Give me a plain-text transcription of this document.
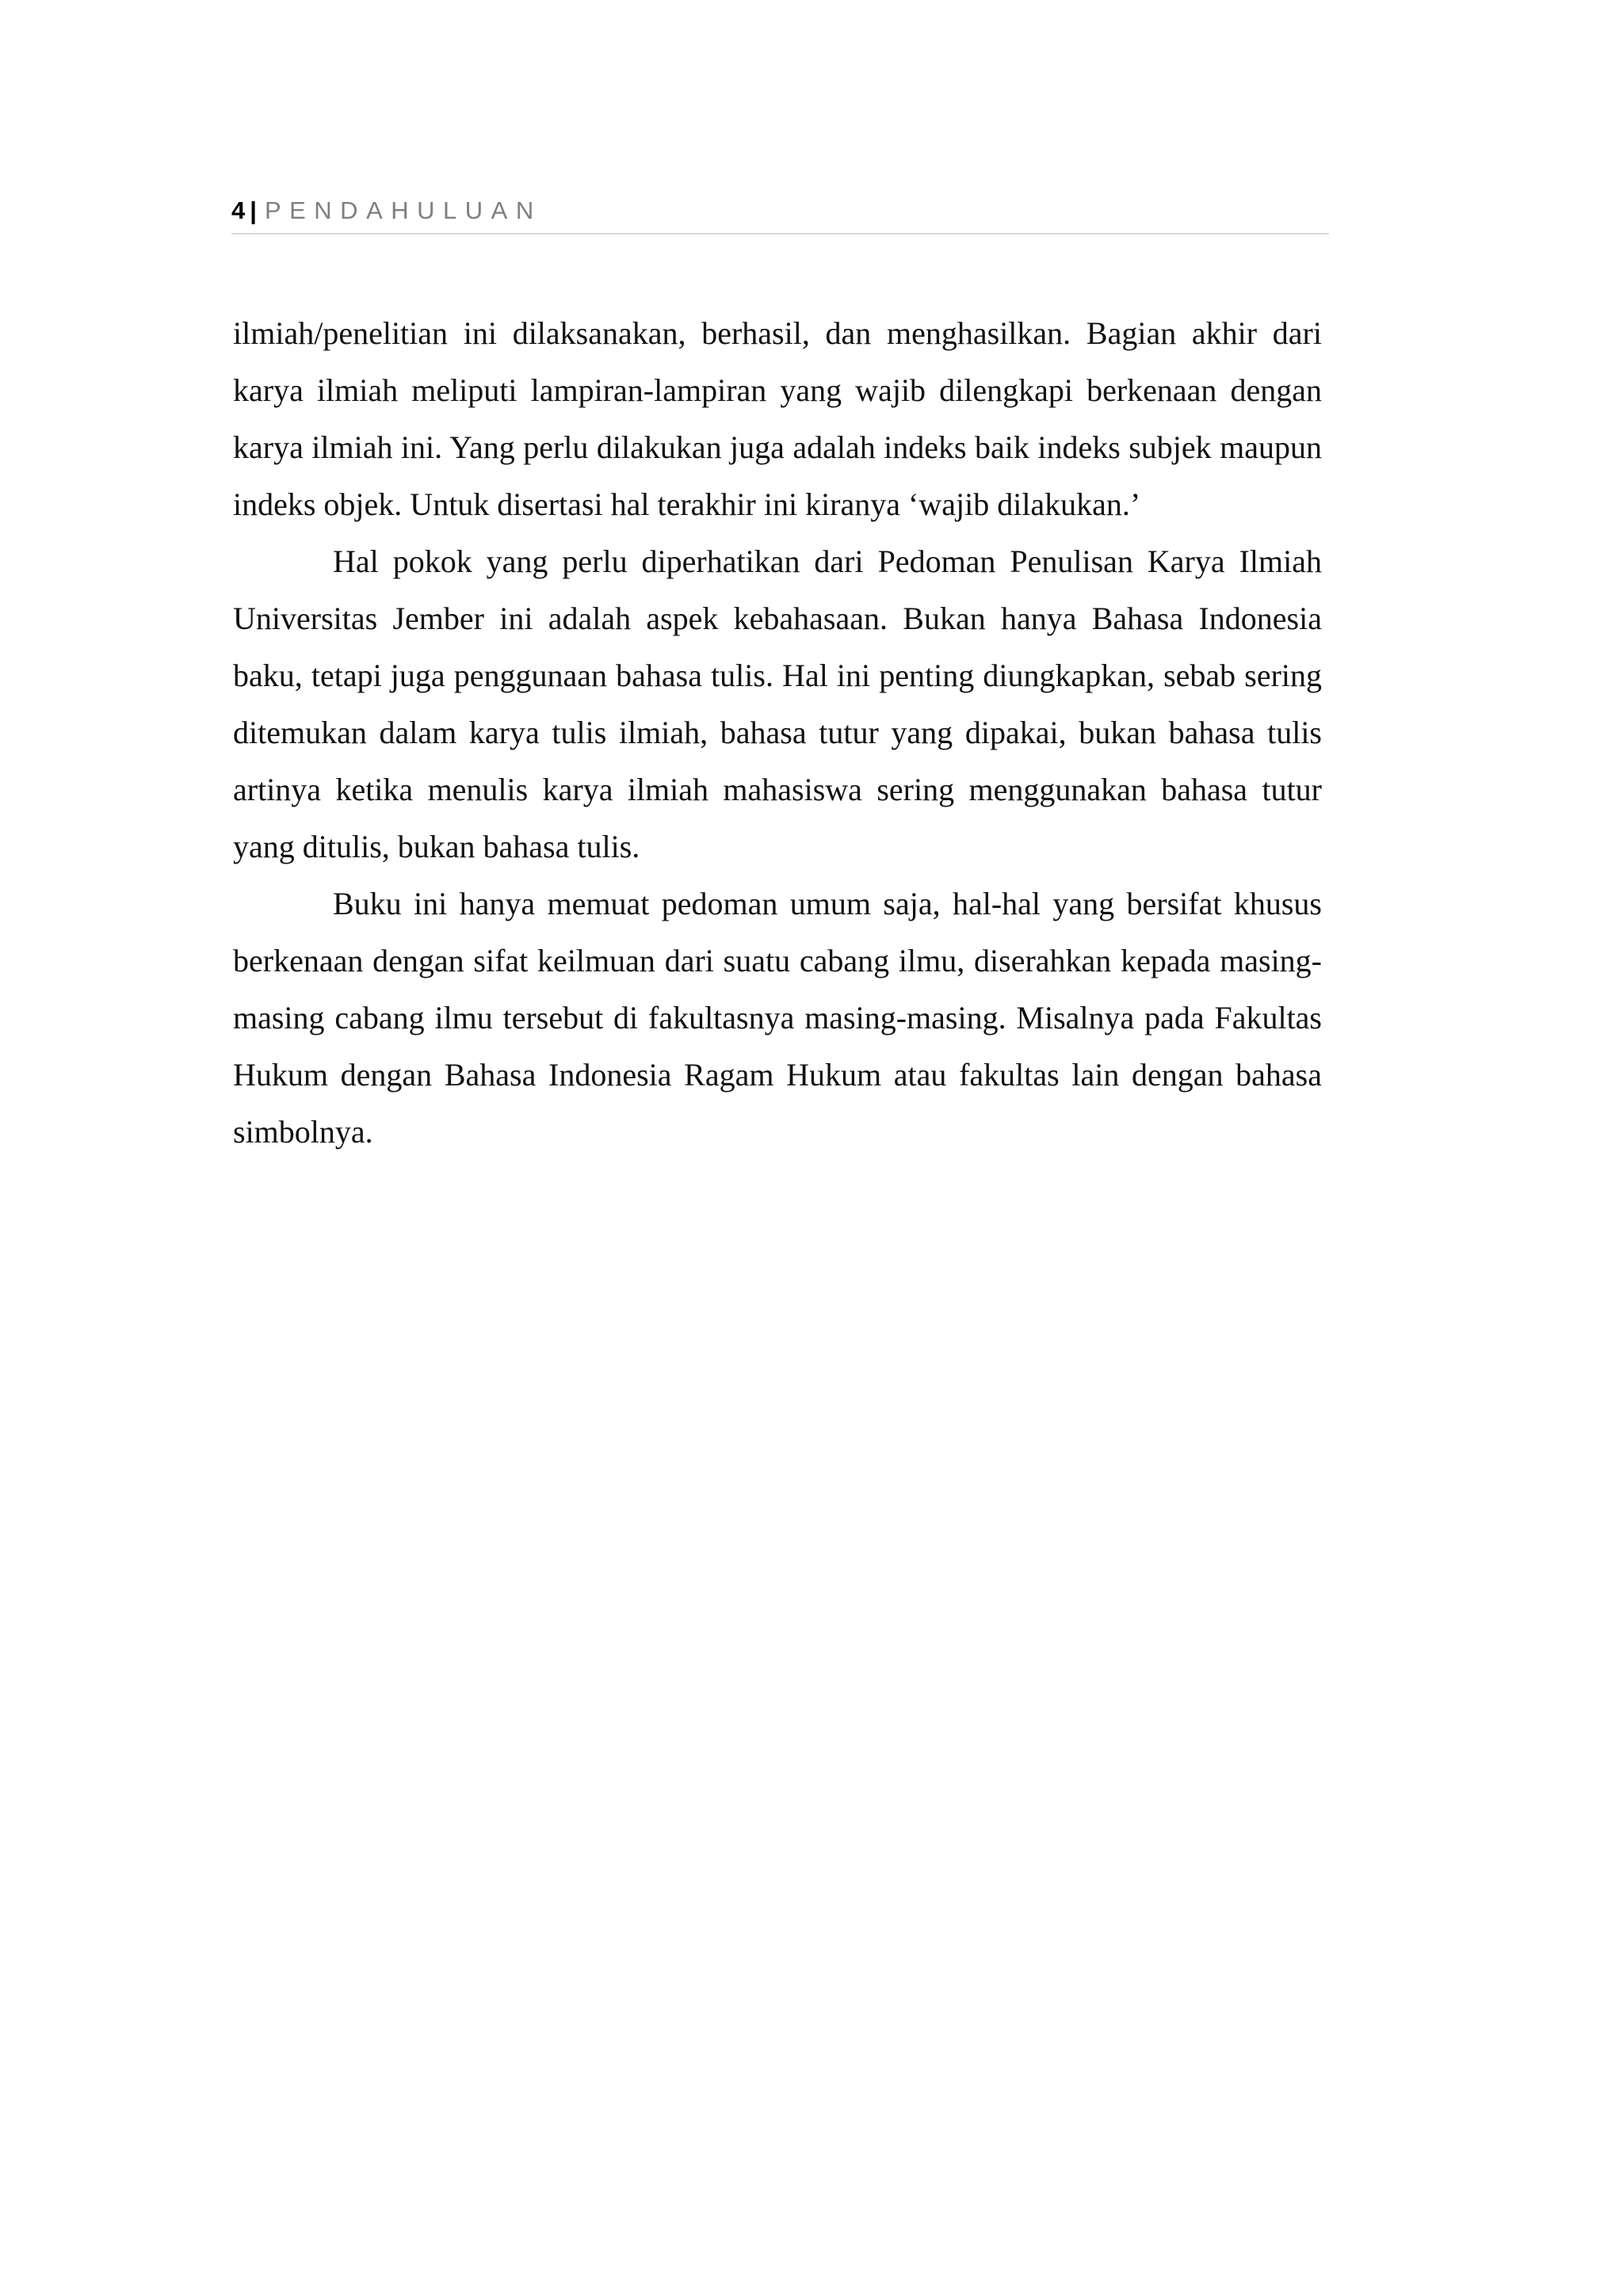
4 | PENDAHULUAN

ilmiah/penelitian ini dilaksanakan, berhasil, dan menghasilkan. Bagian akhir dari karya ilmiah meliputi lampiran-lampiran yang wajib dilengkapi berkenaan dengan karya ilmiah ini. Yang perlu dilakukan juga adalah indeks baik indeks subjek maupun indeks objek. Untuk disertasi hal terakhir ini kiranya ‘wajib dilakukan.’

Hal pokok yang perlu diperhatikan dari Pedoman Penulisan Karya Ilmiah Universitas Jember ini adalah aspek kebahasaan. Bukan hanya Bahasa Indonesia baku, tetapi juga penggunaan bahasa tulis. Hal ini penting diungkapkan, sebab sering ditemukan dalam karya tulis ilmiah, bahasa tutur yang dipakai, bukan bahasa tulis artinya ketika menulis karya ilmiah mahasiswa sering menggunakan bahasa tutur yang ditulis, bukan bahasa tulis.

Buku ini hanya memuat pedoman umum saja, hal-hal yang bersifat khusus berkenaan dengan sifat keilmuan dari suatu cabang ilmu, diserahkan kepada masing-masing cabang ilmu tersebut di fakultasnya masing-masing. Misalnya pada Fakultas Hukum dengan Bahasa Indonesia Ragam Hukum atau fakultas lain dengan bahasa simbolnya.
